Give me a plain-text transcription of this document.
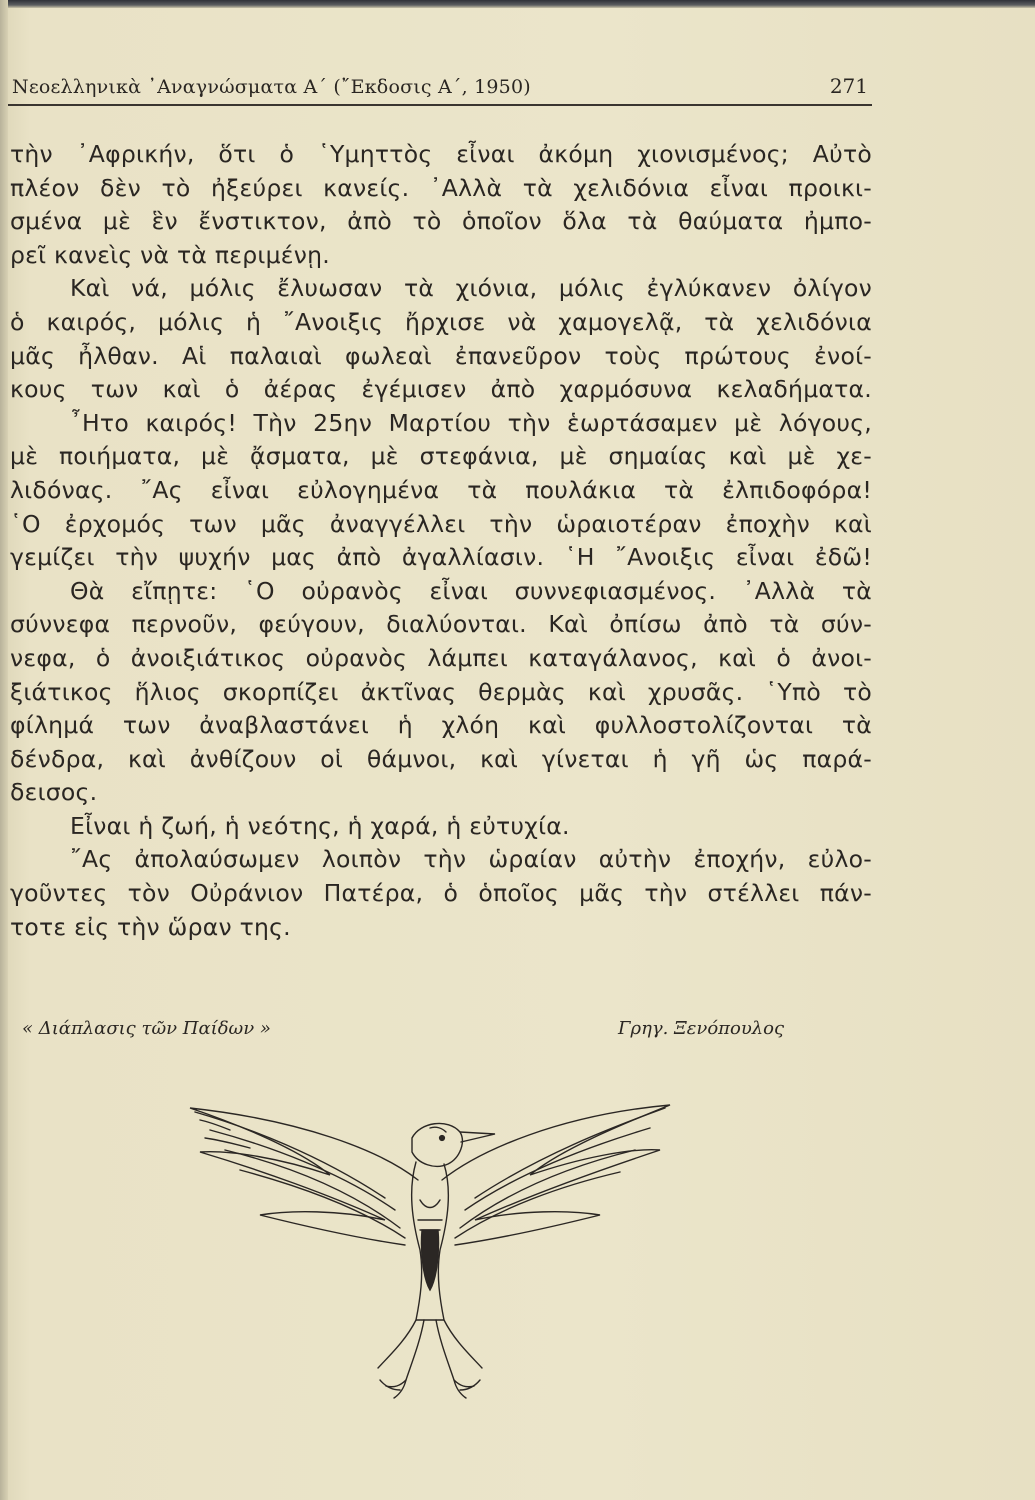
Νεοελληνικὰ ᾿Αναγνώσματα Α΄ (῎Εκδοσις Α΄, 1950)	271
τὴν ᾿Αφρικήν, ὅτι ὁ ῾Υμηττὸς εἶναι ἀκόμη χιονισμένος; Αὐτὸ
πλέον δὲν τὸ ἠξεύρει κανείς. ᾿Αλλὰ τὰ χελιδόνια εἶναι προικι-
σμένα μὲ ἓν ἔνστικτον, ἀπὸ τὸ ὁποῖον ὅλα τὰ θαύματα ἠμπο-
ρεῖ κανεὶς νὰ τὰ περιμένῃ.
Καὶ νά, μόλις ἔλυωσαν τὰ χιόνια, μόλις ἐγλύκανεν ὀλίγον
ὁ καιρός, μόλις ἡ ῎Ανοιξις ἤρχισε νὰ χαμογελᾷ, τὰ χελιδόνια
μᾶς ἦλθαν. Αἱ παλαιαὶ φωλεαὶ ἐπανεῦρον τοὺς πρώτους ἐνοί-
κους των καὶ ὁ ἀέρας ἐγέμισεν ἀπὸ χαρμόσυνα κελαδήματα.
῏Ητο καιρός! Τὴν 25ην Μαρτίου τὴν ἑωρτάσαμεν μὲ λόγους,
μὲ ποιήματα, μὲ ᾄσματα, μὲ στεφάνια, μὲ σημαίας καὶ μὲ χε-
λιδόνας. ῎Ας εἶναι εὐλογημένα τὰ πουλάκια τὰ ἐλπιδοφόρα!
῾Ο ἐρχομός των μᾶς ἀναγγέλλει τὴν ὡραιοτέραν ἐποχὴν καὶ
γεμίζει τὴν ψυχήν μας ἀπὸ ἀγαλλίασιν. ῾Η ῎Ανοιξις εἶναι ἐδῶ!
Θὰ εἴπῃτε: ῾Ο οὐρανὸς εἶναι συννεφιασμένος. ᾿Αλλὰ τὰ
σύννεφα περνοῦν, φεύγουν, διαλύονται. Καὶ ὀπίσω ἀπὸ τὰ σύν-
νεφα, ὁ ἀνοιξιάτικος οὐρανὸς λάμπει καταγάλανος, καὶ ὁ ἀνοι-
ξιάτικος ἥλιος σκορπίζει ἀκτῖνας θερμὰς καὶ χρυσᾶς. ῾Υπὸ τὸ
φίλημά των ἀναβλαστάνει ἡ χλόη καὶ φυλλοστολίζονται τὰ
δένδρα, καὶ ἀνθίζουν οἱ θάμνοι, καὶ γίνεται ἡ γῆ ὡς παρά-
δεισος.
Εἶναι ἡ ζωή, ἡ νεότης, ἡ χαρά, ἡ εὐτυχία.
῎Ας ἀπολαύσωμεν λοιπὸν τὴν ὡραίαν αὐτὴν ἐποχήν, εὐλο-
γοῦντες τὸν Οὐράνιον Πατέρα, ὁ ὁποῖος μᾶς τὴν στέλλει πάν-
τοτε εἰς τὴν ὥραν της.
« Διάπλασις τῶν Παίδων »	Γρηγ. Ξενόπουλος
